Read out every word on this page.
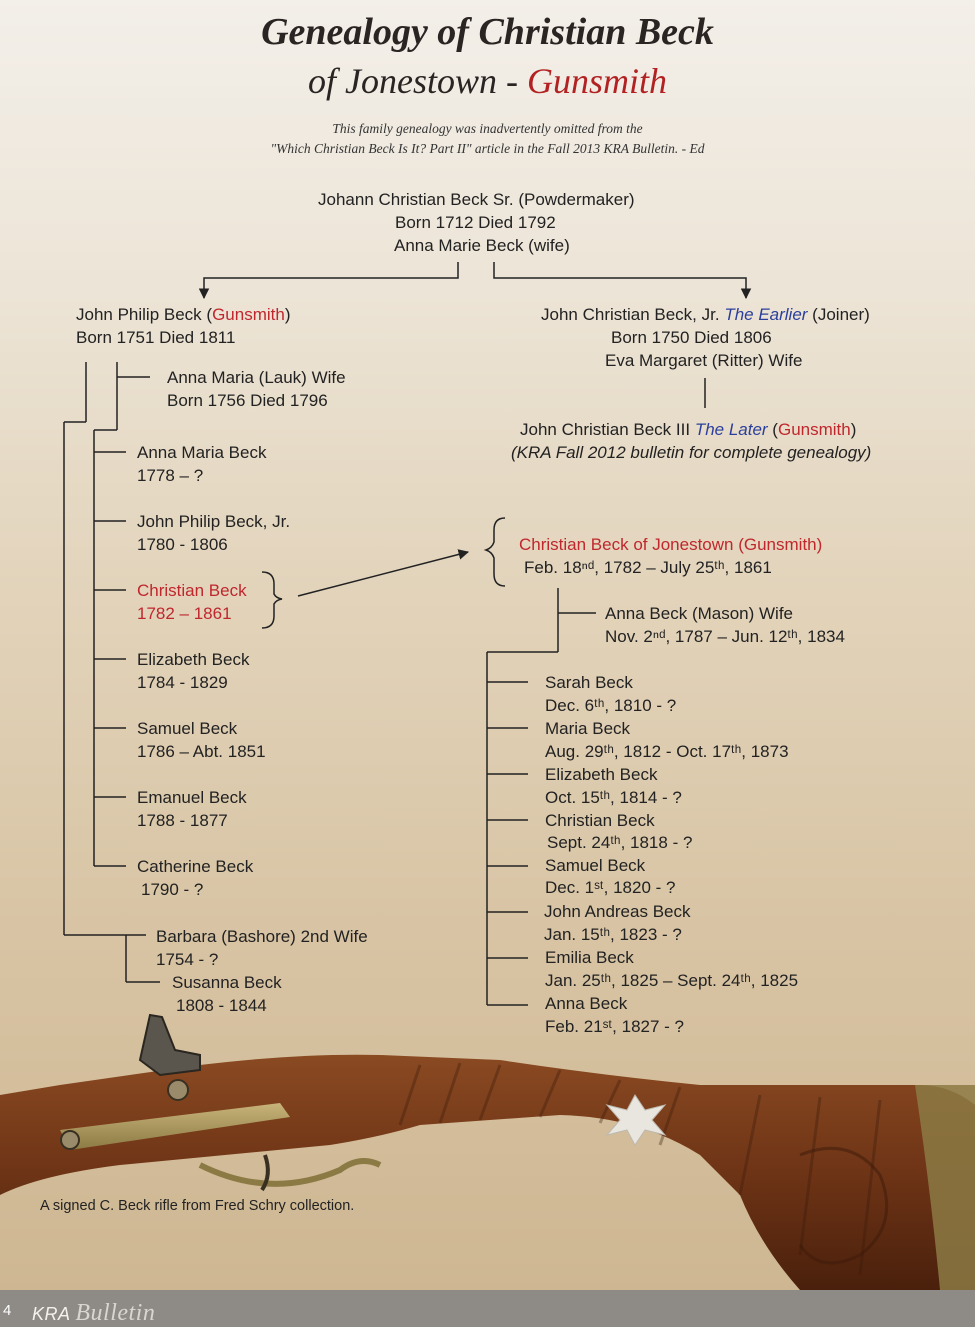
Genealogy of Christian Beck
of Jonestown - Gunsmith
This family genealogy was inadvertently omitted from the
"Which Christian Beck Is It? Part II" article in the Fall 2013 KRA Bulletin. - Ed
Johann Christian Beck Sr. (Powdermaker)
Born 1712 Died 1792
Anna Marie Beck (wife)
John Philip Beck (Gunsmith)
Born 1751 Died 1811
Anna Maria (Lauk) Wife
Born 1756 Died 1796
Anna Maria Beck
1778 – ?
John Philip Beck, Jr.
1780 - 1806
Christian Beck
1782 – 1861
Elizabeth Beck
1784 - 1829
Samuel Beck
1786 – Abt. 1851
Emanuel Beck
1788 - 1877
Catherine Beck
1790 - ?
Barbara (Bashore) 2nd Wife
1754 - ?
Susanna Beck
1808 - 1844
John Christian Beck, Jr. The Earlier (Joiner)
Born 1750 Died 1806
Eva Margaret (Ritter) Wife
John Christian Beck III The Later (Gunsmith)
(KRA Fall 2012 bulletin for complete genealogy)
Christian Beck of Jonestown (Gunsmith)
Feb. 18ⁿᵈ, 1782 – July 25ᵗʰ, 1861
Anna Beck (Mason) Wife
Nov. 2ⁿᵈ, 1787 – Jun. 12ᵗʰ, 1834
Sarah Beck
Dec. 6ᵗʰ, 1810 - ?
Maria Beck
Aug. 29ᵗʰ, 1812 - Oct. 17ᵗʰ, 1873
Elizabeth Beck
Oct. 15ᵗʰ, 1814 - ?
Christian Beck
Sept. 24ᵗʰ, 1818 - ?
Samuel Beck
Dec. 1ˢᵗ, 1820 - ?
John Andreas Beck
Jan. 15ᵗʰ, 1823 - ?
Emilia Beck
Jan. 25ᵗʰ, 1825 – Sept. 24ᵗʰ, 1825
Anna Beck
Feb. 21ˢᵗ, 1827 - ?
A signed C. Beck rifle from Fred Schry collection.
4 KRA Bulletin
